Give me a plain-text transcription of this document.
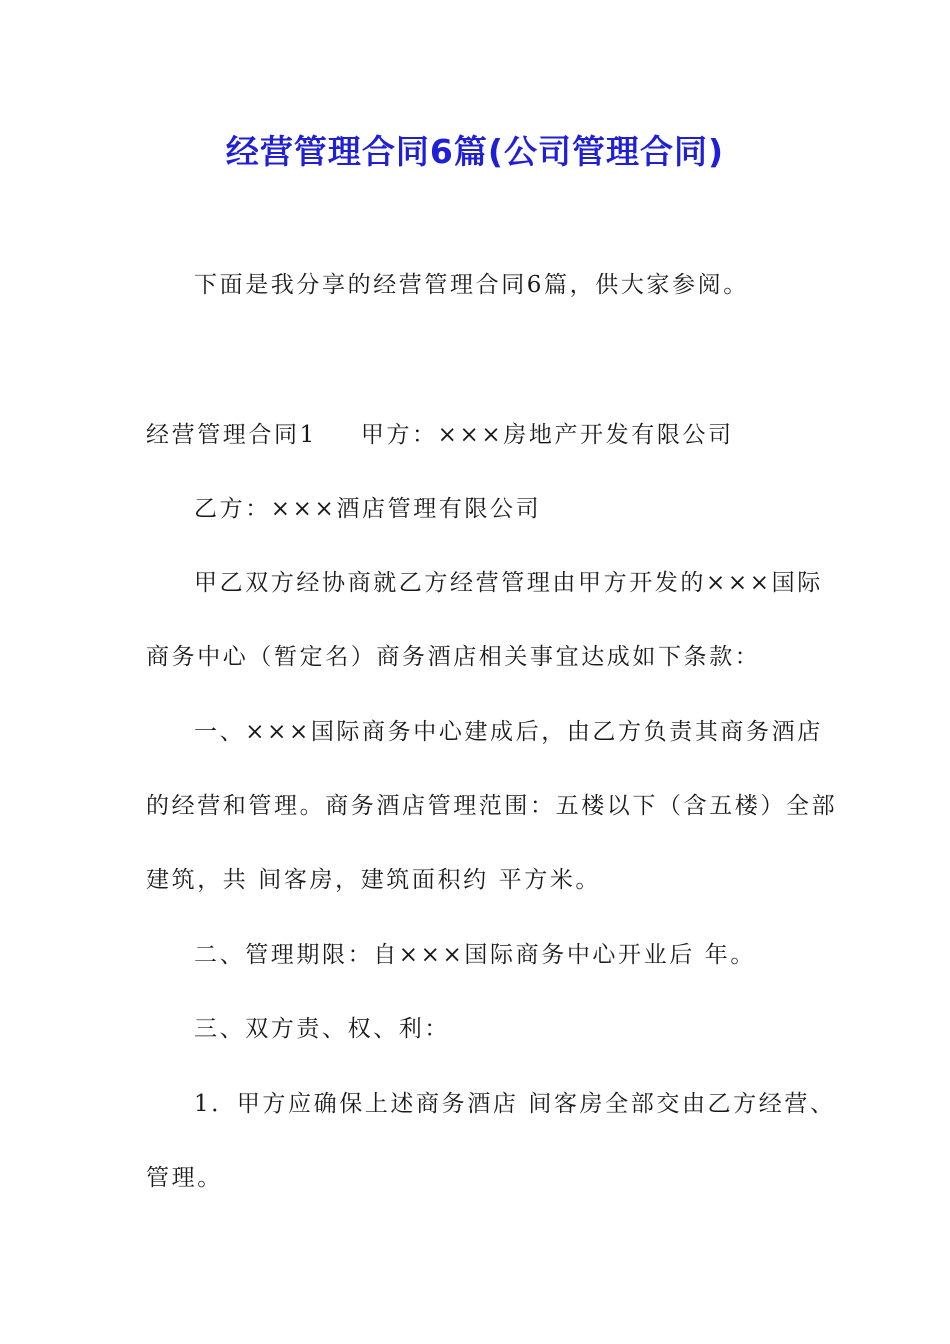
经营管理合同6篇(公司管理合同)
下面是我分享的经营管理合同6篇，供大家参阅。
经营管理合同1 甲方：×××房地产开发有限公司
乙方：×××酒店管理有限公司
甲乙双方经协商就乙方经营管理由甲方开发的×××国际
商务中心（暂定名）商务酒店相关事宜达成如下条款：
一、×××国际商务中心建成后，由乙方负责其商务酒店
的经营和管理。商务酒店管理范围：五楼以下（含五楼）全部
建筑，共 间客房，建筑面积约 平方米。
二、管理期限：自×××国际商务中心开业后 年。
三、双方责、权、利：
1．甲方应确保上述商务酒店 间客房全部交由乙方经营、
管理。
